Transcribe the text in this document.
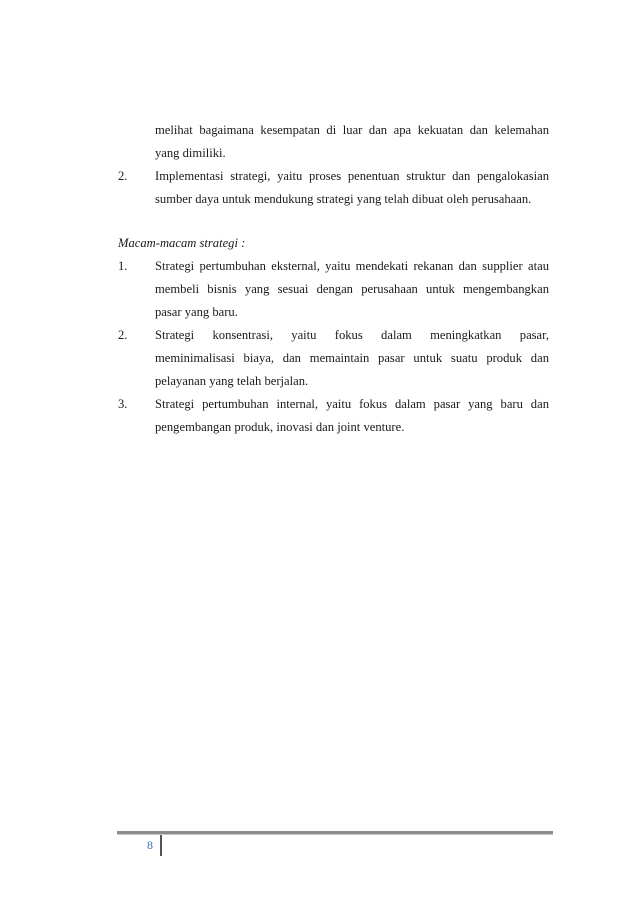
melihat bagaimana kesempatan di luar dan apa kekuatan dan kelemahan
yang dimiliki.
2. Implementasi strategi, yaitu proses penentuan struktur dan pengalokasian
sumber daya untuk mendukung strategi yang telah dibuat oleh perusahaan.
Macam-macam strategi :
1. Strategi pertumbuhan eksternal, yaitu mendekati rekanan dan supplier atau
membeli bisnis yang sesuai dengan perusahaan untuk mengembangkan
pasar yang baru.
2. Strategi konsentrasi, yaitu fokus dalam meningkatkan pasar,
meminimalisasi biaya, dan memaintain pasar untuk suatu produk dan
pelayanan yang telah berjalan.
3. Strategi pertumbuhan internal, yaitu fokus dalam pasar yang baru dan
pengembangan produk, inovasi dan joint venture.
8
